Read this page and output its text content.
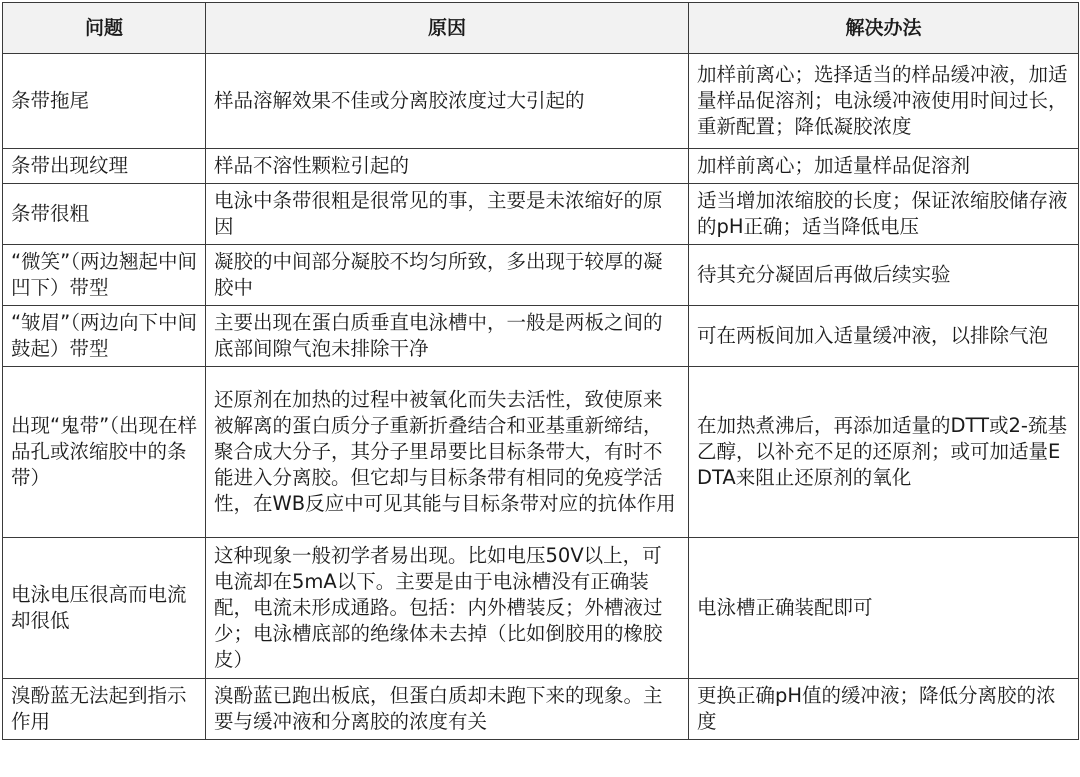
问题	原因	解决办法
条带拖尾	样品溶解效果不佳或分离胶浓度过大引起的	加样前离心；选择适当的样品缓冲液，加适量样品促溶剂；电泳缓冲液使用时间过长，重新配置；降低凝胶浓度
条带出现纹理	样品不溶性颗粒引起的	加样前离心；加适量样品促溶剂
条带很粗	电泳中条带很粗是很常见的事，主要是未浓缩好的原因	适当增加浓缩胶的长度；保证浓缩胶储存液的pH正确；适当降低电压
“微笑”（两边翘起中间凹下）带型	凝胶的中间部分凝胶不均匀所致，多出现于较厚的凝胶中	待其充分凝固后再做后续实验
“皱眉”（两边向下中间鼓起）带型	主要出现在蛋白质垂直电泳槽中，一般是两板之间的底部间隙气泡未排除干净	可在两板间加入适量缓冲液，以排除气泡
出现“鬼带”（出现在样品孔或浓缩胶中的条带）	还原剂在加热的过程中被氧化而失去活性，致使原来被解离的蛋白质分子重新折叠结合和亚基重新缔结，聚合成大分子，其分子里昂要比目标条带大，有时不能进入分离胶。但它却与目标条带有相同的免疫学活性，在WB反应中可见其能与目标条带对应的抗体作用	在加热煮沸后，再添加适量的DTT或2-巯基乙醇，以补充不足的还原剂；或可加适量EDTA来阻止还原剂的氧化
电泳电压很高而电流却很低	这种现象一般初学者易出现。比如电压50V以上，可电流却在5mA以下。主要是由于电泳槽没有正确装配，电流未形成通路。包括：内外槽装反；外槽液过少；电泳槽底部的绝缘体未去掉（比如倒胶用的橡胶皮）	电泳槽正确装配即可
溴酚蓝无法起到指示作用	溴酚蓝已跑出板底，但蛋白质却未跑下来的现象。主要与缓冲液和分离胶的浓度有关	更换正确pH值的缓冲液；降低分离胶的浓度
